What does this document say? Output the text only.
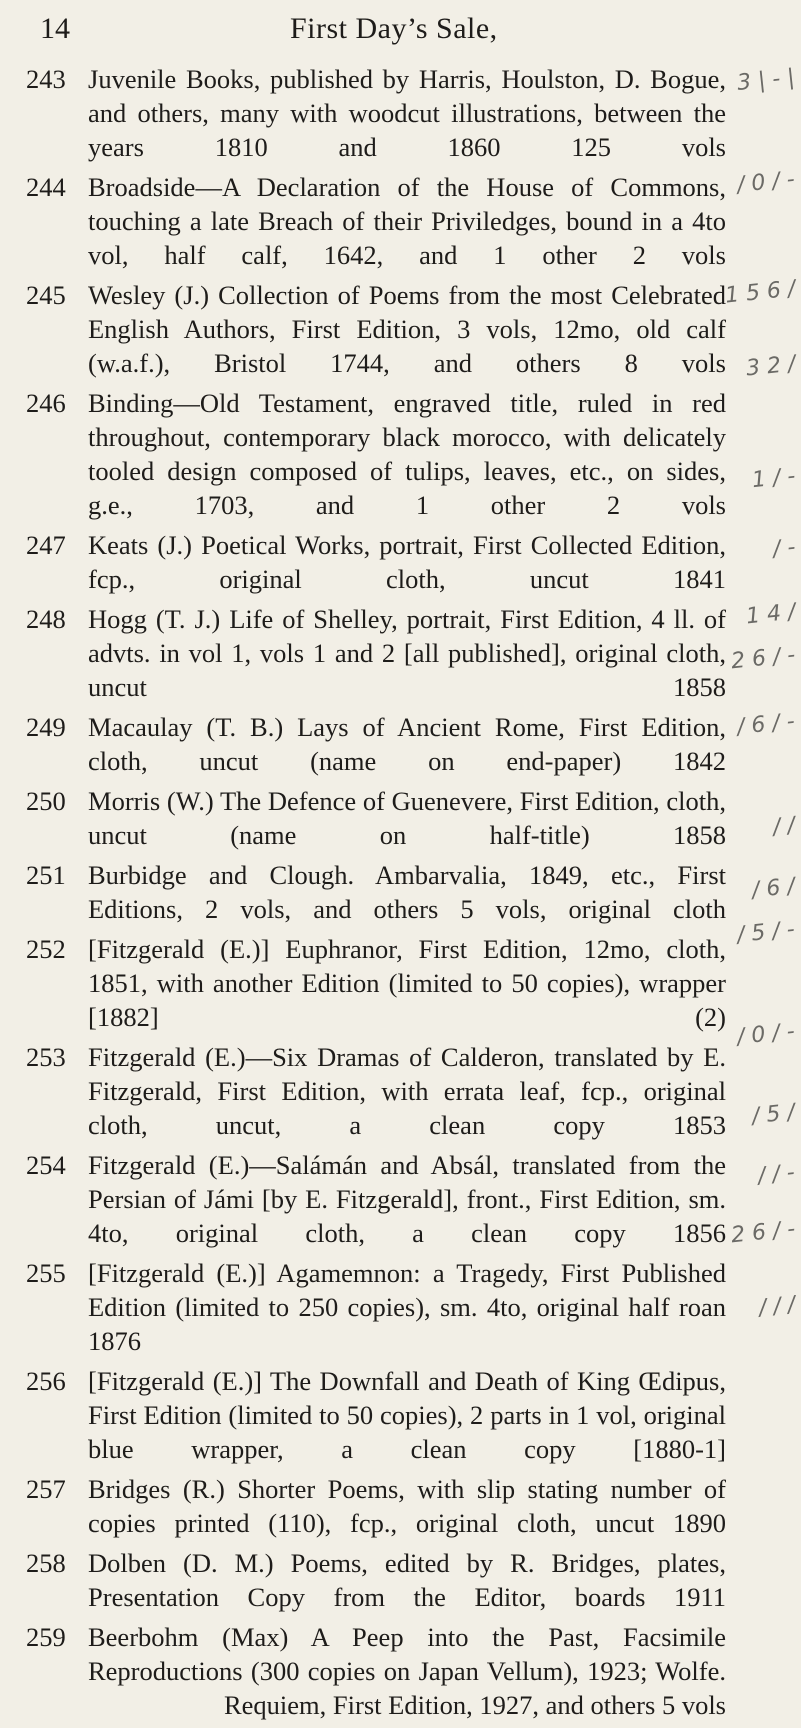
14	First Day’s Sale,
243 Juvenile Books, published by Harris, Houlston, D. Bogue, and others, many with woodcut illustrations, between the years 1810 and 1860 125 vols
244 Broadside—A Declaration of the House of Commons, touching a late Breach of their Priviledges, bound in a 4to vol, half calf, 1642, and 1 other 2 vols
245 Wesley (J.) Collection of Poems from the most Celebrated English Authors, First Edition, 3 vols, 12mo, old calf (w.a.f.), Bristol 1744, and others 8 vols
246 Binding—Old Testament, engraved title, ruled in red throughout, contemporary black morocco, with delicately tooled design composed of tulips, leaves, etc., on sides, g.e., 1703, and 1 other 2 vols
247 Keats (J.) Poetical Works, portrait, First Collected Edition, fcp., original cloth, uncut 1841
248 Hogg (T. J.) Life of Shelley, portrait, First Edition, 4 ll. of advts. in vol 1, vols 1 and 2 [all published], original cloth, uncut 1858
249 Macaulay (T. B.) Lays of Ancient Rome, First Edition, cloth, uncut (name on end-paper) 1842
250 Morris (W.) The Defence of Guenevere, First Edition, cloth, uncut (name on half-title) 1858
251 Burbidge and Clough. Ambarvalia, 1849, etc., First Editions, 2 vols, and others 5 vols, original cloth
252 [Fitzgerald (E.)] Euphranor, First Edition, 12mo, cloth, 1851, with another Edition (limited to 50 copies), wrapper [1882] (2)
253 Fitzgerald (E.)—Six Dramas of Calderon, translated by E. Fitzgerald, First Edition, with errata leaf, fcp., original cloth, uncut, a clean copy 1853
254 Fitzgerald (E.)—Salámán and Absál, translated from the Persian of Jámi [by E. Fitzgerald], front., First Edition, sm. 4to, original cloth, a clean copy 1856
255 [Fitzgerald (E.)] Agamemnon: a Tragedy, First Published Edition (limited to 250 copies), sm. 4to, original half roan 1876
256 [Fitzgerald (E.)] The Downfall and Death of King Œdipus, First Edition (limited to 50 copies), 2 parts in 1 vol, original blue wrapper, a clean copy [1880-1]
257 Bridges (R.) Shorter Poems, with slip stating number of copies printed (110), fcp., original cloth, uncut 1890
258 Dolben (D. M.) Poems, edited by R. Bridges, plates, Presentation Copy from the Editor, boards 1911
259 Beerbohm (Max) A Peep into the Past, Facsimile Reproductions (300 copies on Japan Vellum), 1923; Wolfe. Requiem, First Edition, 1927, and others 5 vols
3 | - |
/ 0 / -
1 5 6 /
3 2 /
1 / -
/ -
1 4 /
2 6 / -
/ 6 / -
/ /
/ 6 /
/ 5 / -
/ 0 / -
/ 5 /
/ / -
2 6 / -
/ / /
